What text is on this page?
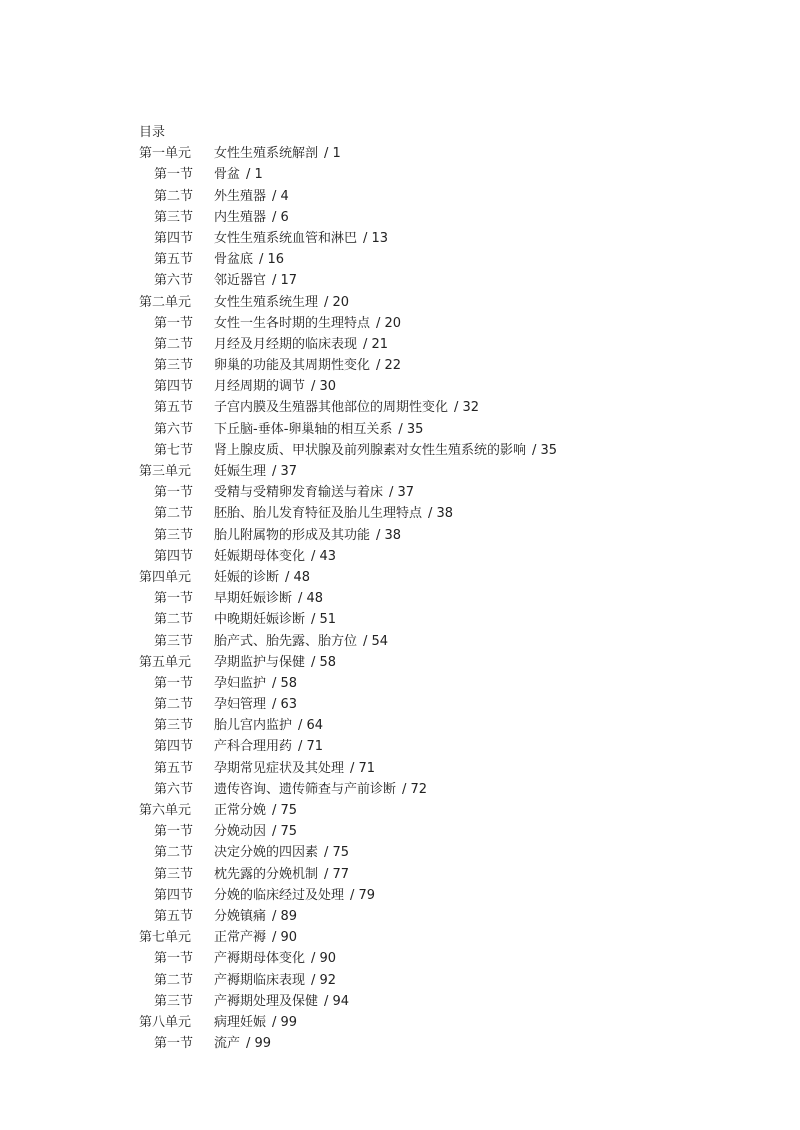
目录
第一单元	女性生殖系统解剖 / 1
第一节	骨盆 / 1
第二节	外生殖器 / 4
第三节	内生殖器 / 6
第四节	女性生殖系统血管和淋巴 / 13
第五节	骨盆底 / 16
第六节	邻近器官 / 17
第二单元	女性生殖系统生理 / 20
第一节	女性一生各时期的生理特点 / 20
第二节	月经及月经期的临床表现 / 21
第三节	卵巢的功能及其周期性变化 / 22
第四节	月经周期的调节 / 30
第五节	子宫内膜及生殖器其他部位的周期性变化 / 32
第六节	下丘脑-垂体-卵巢轴的相互关系 / 35
第七节	肾上腺皮质、甲状腺及前列腺素对女性生殖系统的影响 / 35
第三单元	妊娠生理 / 37
第一节	受精与受精卵发育输送与着床 / 37
第二节	胚胎、胎儿发育特征及胎儿生理特点 / 38
第三节	胎儿附属物的形成及其功能 / 38
第四节	妊娠期母体变化 / 43
第四单元	妊娠的诊断 / 48
第一节	早期妊娠诊断 / 48
第二节	中晚期妊娠诊断 / 51
第三节	胎产式、胎先露、胎方位 / 54
第五单元	孕期监护与保健 / 58
第一节	孕妇监护 / 58
第二节	孕妇管理 / 63
第三节	胎儿宫内监护 / 64
第四节	产科合理用药 / 71
第五节	孕期常见症状及其处理 / 71
第六节	遗传咨询、遗传筛查与产前诊断 / 72
第六单元	正常分娩 / 75
第一节	分娩动因 / 75
第二节	决定分娩的四因素 / 75
第三节	枕先露的分娩机制 / 77
第四节	分娩的临床经过及处理 / 79
第五节	分娩镇痛 / 89
第七单元	正常产褥 / 90
第一节	产褥期母体变化 / 90
第二节	产褥期临床表现 / 92
第三节	产褥期处理及保健 / 94
第八单元	病理妊娠 / 99
第一节	流产 / 99
